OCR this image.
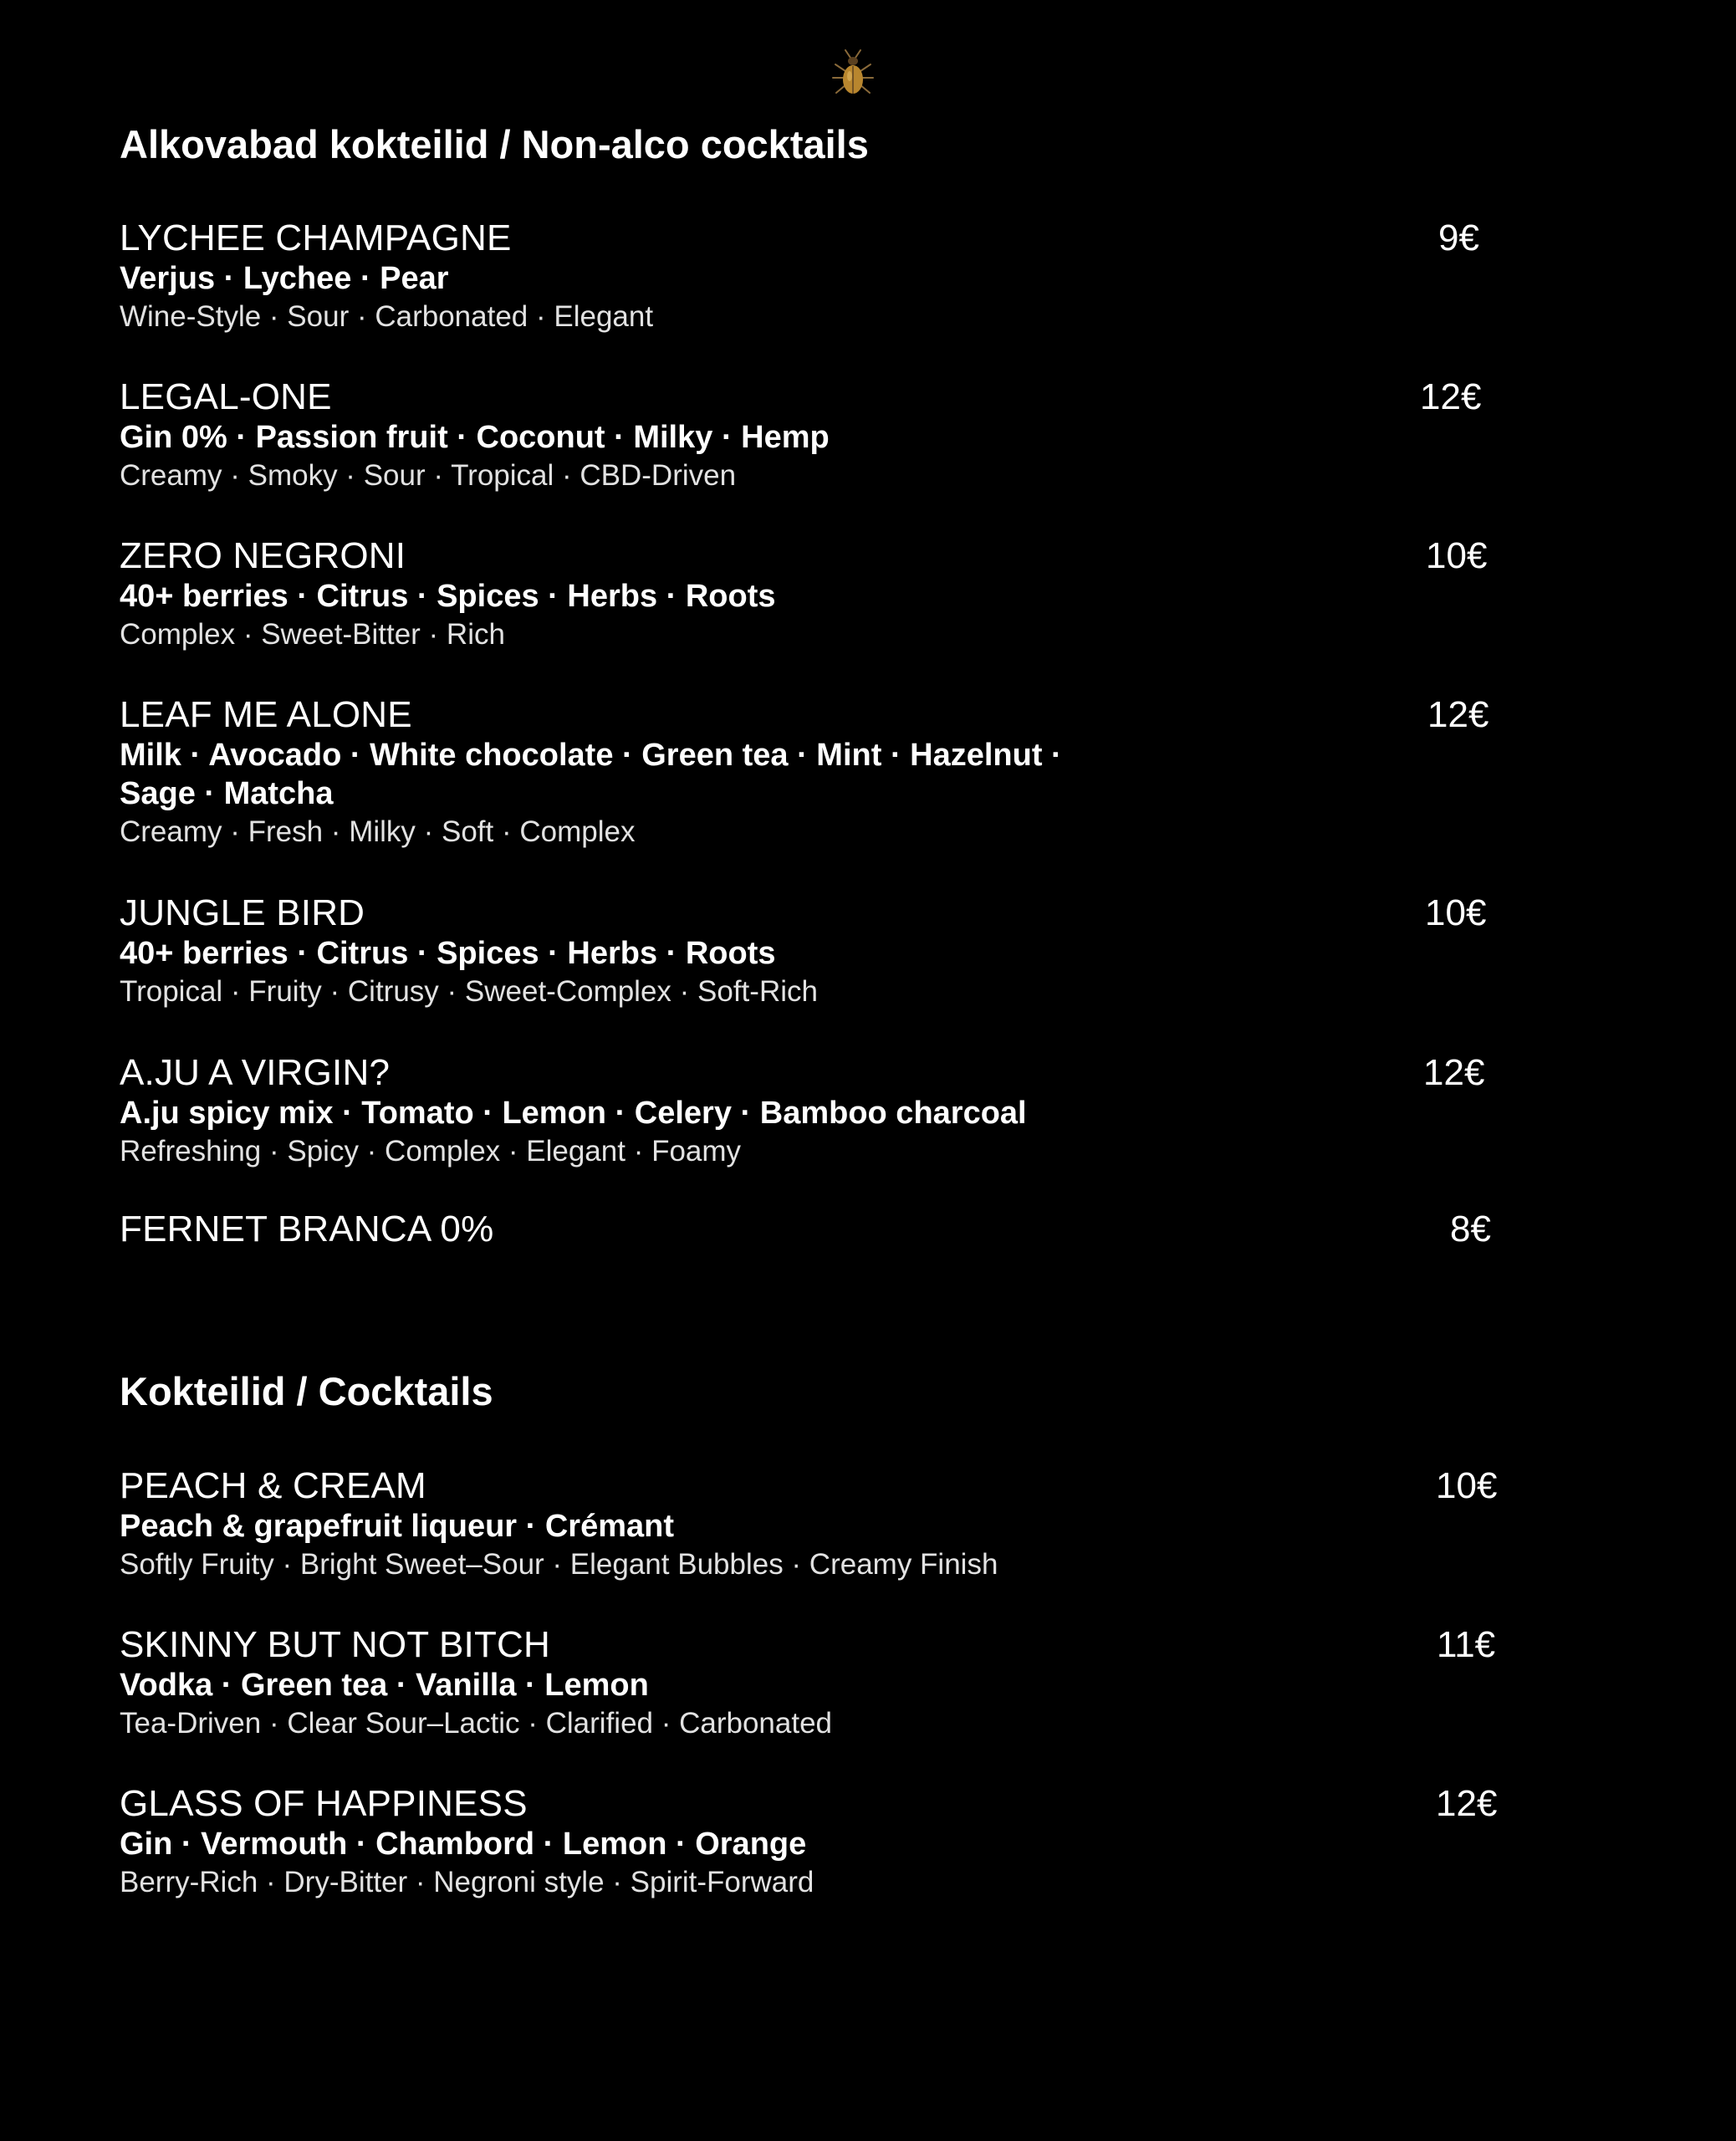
Alkovabad kokteilid / Non-alco cocktails
LYCHEE CHAMPAGNE	9€
Verjus · Lychee · Pear
Wine-Style · Sour · Carbonated · Elegant
LEGAL-ONE	12€
Gin 0% · Passion fruit · Coconut · Milky · Hemp
Creamy · Smoky · Sour · Tropical · CBD-Driven
ZERO NEGRONI	10€
40+ berries · Citrus · Spices · Herbs · Roots
Complex · Sweet-Bitter · Rich
LEAF ME ALONE	12€
Milk · Avocado · White chocolate · Green tea · Mint · Hazelnut · Sage · Matcha
Creamy · Fresh · Milky · Soft · Complex
JUNGLE BIRD	10€
40+ berries · Citrus · Spices · Herbs · Roots
Tropical · Fruity · Citrusy · Sweet-Complex · Soft-Rich
A.JU A VIRGIN?	12€
A.ju spicy mix · Tomato · Lemon · Celery · Bamboo charcoal
Refreshing · Spicy · Complex · Elegant · Foamy
FERNET BRANCA 0%	8€
Kokteilid / Cocktails
PEACH & CREAM	10€
Peach & grapefruit liqueur · Crémant
Softly Fruity · Bright Sweet–Sour · Elegant Bubbles · Creamy Finish
SKINNY BUT NOT BITCH	11€
Vodka · Green tea · Vanilla · Lemon
Tea-Driven · Clear Sour–Lactic · Clarified · Carbonated
GLASS OF HAPPINESS	12€
Gin · Vermouth · Chambord · Lemon · Orange
Berry-Rich · Dry-Bitter · Negroni style · Spirit-Forward
